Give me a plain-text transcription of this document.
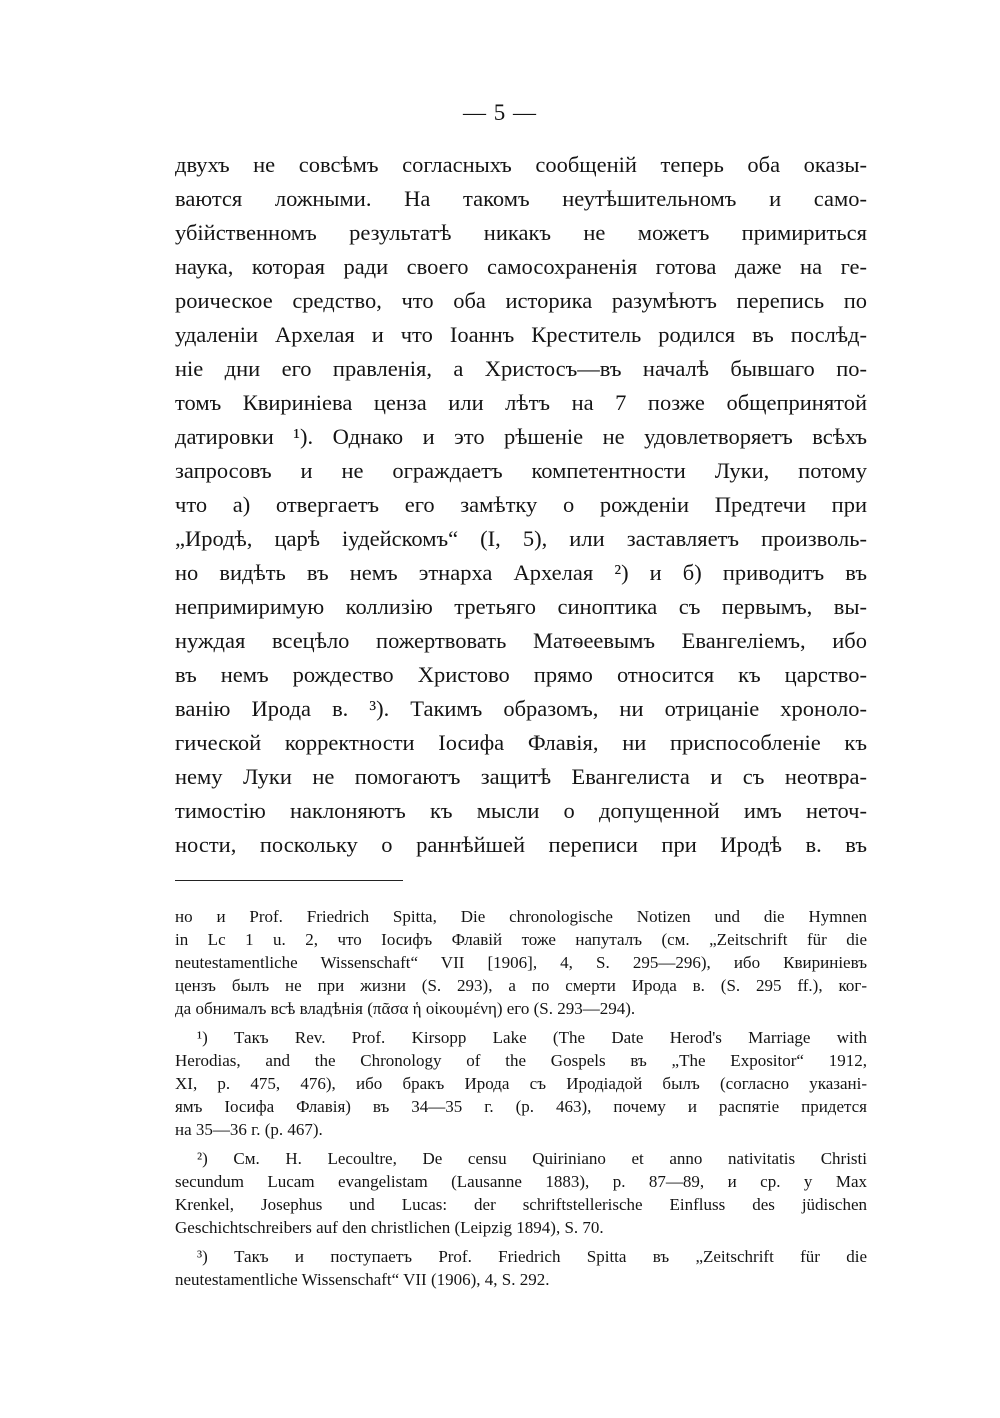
— 5 —
двухъ не совсѣмъ согласныхъ сообщеній теперь оба оказы-
ваются ложными. На такомъ неутѣшительномъ и само-
убійственномъ результатѣ никакъ не можетъ примириться
наука, которая ради своего самосохраненія готова даже на ге-
роическое средство, что оба историка разумѣютъ перепись по
удаленіи Архелая и что Іоаннъ Креститель родился въ послѣд-
ніе дни его правленія, а Христосъ—въ началѣ бывшаго по-
томъ Квириніева ценза или лѣтъ на 7 позже общепринятой
датировки ¹). Однако и это рѣшеніе не удовлетворяетъ всѣхъ
запросовъ и не ограждаетъ компетентности Луки, потому
что а) отвергаетъ его замѣтку о рожденіи Предтечи при
„Иродѣ, царѣ іудейскомъ“ (I, 5), или заставляетъ произволь-
но видѣть въ немъ этнарха Архелая ²) и б) приводитъ въ
непримиримую коллизію третьяго синоптика съ первымъ, вы-
нуждая всецѣло пожертвовать Матѳеевымъ Евангеліемъ, ибо
въ немъ рождество Христово прямо относится къ царство-
ванію Ирода в. ³). Такимъ образомъ, ни отрицаніе хроноло-
гической корректности Іосифа Флавія, ни приспособленіе къ
нему Луки не помогаютъ защитѣ Евангелиста и съ неотвра-
тимостію наклоняютъ къ мысли о допущенной имъ неточ-
ности, поскольку о раннѣйшей переписи при Иродѣ в. въ
но и Prof. Friedrich Spitta, Die chronologische Notizen und die Hymnen
in Lc 1 u. 2, что Іосифъ Флавій тоже напуталъ (см. „Zeitschrift für die
neutestamentliche Wissenschaft“ VII [1906], 4, S. 295—296), ибо Квириніевъ
цензъ былъ не при жизни (S. 293), а по смерти Ирода в. (S. 295 ff.), ког-
да обнималъ всѣ владѣнія (πᾶσα ἡ οἰκουμένη) его (S. 293—294).
¹) Такъ Rev. Prof. Kirsopp Lake (The Date Herod's Marriage with
Herodias, and the Chronology of the Gospels въ „The Expositor“ 1912,
XI, p. 475, 476), ибо бракъ Ирода съ Иродіадой былъ (согласно указані-
ямъ Іосифа Флавія) въ 34—35 г. (р. 463), почему и распятіе придется
на 35—36 г. (р. 467).
²) См. H. Lecoultre, De censu Quiriniano et anno nativitatis Christi
secundum Lucam evangelistam (Lausanne 1883), p. 87—89, и ср. у Max
Krenkel, Josephus und Lucas: der schriftstellerische Einfluss des jüdischen
Geschichtschreibers auf den christlichen (Leipzig 1894), S. 70.
³) Такъ и поступаетъ Prof. Friedrich Spitta въ „Zeitschrift für die
neutestamentliche Wissenschaft“ VII (1906), 4, S. 292.
